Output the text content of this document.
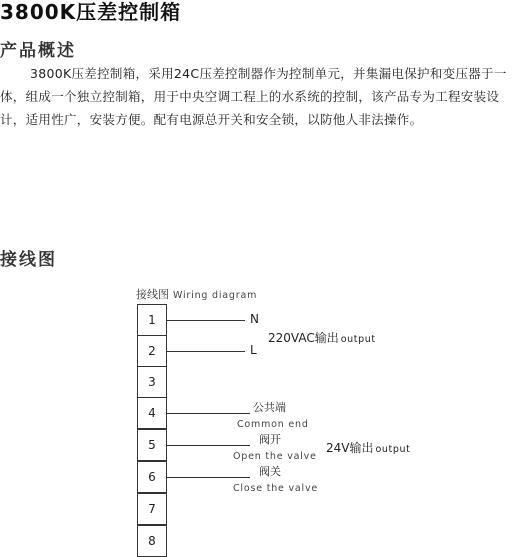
3800K压差控制箱
产品概述

3800K压差控制箱，采用24C压差控制器作为控制单元，并集漏电保护和变压器于一体，组成一个独立控制箱，用于中央空调工程上的水系统的控制，该产品专为工程安装设计，适用性广，安装方便。配有电源总开关和安全锁，以防他人非法操作。

接线图
接线图 Wiring diagram
1
2
3
4
5
6
7
8
N
L
220VAC输出 output
公共端
Common end
阀开
Open the valve
阀关
Close the valve
24V输出 output
